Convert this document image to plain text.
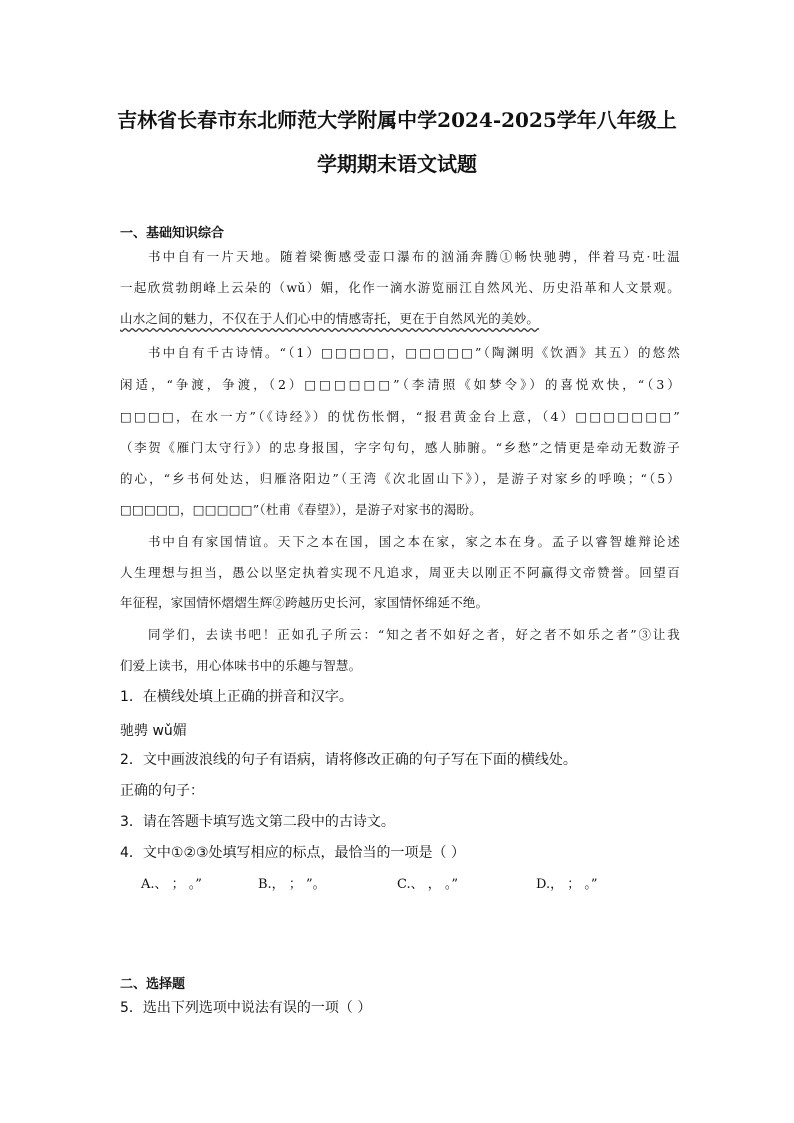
吉林省长春市东北师范大学附属中学2024-2025学年八年级上
学期期末语文试题
一、基础知识综合
书中自有一片天地。随着梁衡感受壶口瀑布的汹涌奔腾①畅快驰骋，伴着马克·吐温
一起欣赏勃朗峰上云朵的（wǔ）媚，化作一滴水游览丽江自然风光、历史沿革和人文景观。
山水之间的魅力，不仅在于人们心中的情感寄托，更在于自然风光的美妙。
书中自有千古诗情。“（1）□□□□□，□□□□□”（陶渊明《饮酒》其五）的悠然
闲适，“争渡，争渡，（2）□□□□□□”（李清照《如梦令》）的喜悦欢快，“（3）
□□□□，在水一方”（《诗经》）的忧伤怅惘，“报君黄金台上意，（4）□□□□□□□”
（李贺《雁门太守行》）的忠身报国，字字句句，感人肺腑。“乡愁”之情更是牵动无数游子
的心，“乡书何处达，归雁洛阳边”（王湾《次北固山下》），是游子对家乡的呼唤；“（5）
□□□□□，□□□□□”（杜甫《春望》），是游子对家书的渴盼。
书中自有家国情谊。天下之本在国，国之本在家，家之本在身。孟子以睿智雄辩论述
人生理想与担当，愚公以坚定执着实现不凡追求，周亚夫以刚正不阿赢得文帝赞誉。回望百
年征程，家国情怀熠熠生辉②跨越历史长河，家国情怀绵延不绝。
同学们，去读书吧！正如孔子所云：“知之者不如好之者，好之者不如乐之者”③让我
们爱上读书，用心体味书中的乐趣与智慧。
1．在横线处填上正确的拼音和汉字。
驰骋 wǔ媚
2．文中画波浪线的句子有语病，请将修改正确的句子写在下面的横线处。
正确的句子：
3．请在答题卡填写选文第二段中的古诗文。
4．文中①②③处填写相应的标点，最恰当的一项是（ ）
A.、 ； 。”	B.， ； ”。	C.、 ， 。”	D.， ； 。”
二、选择题
5．选出下列选项中说法有误的一项（ ）
